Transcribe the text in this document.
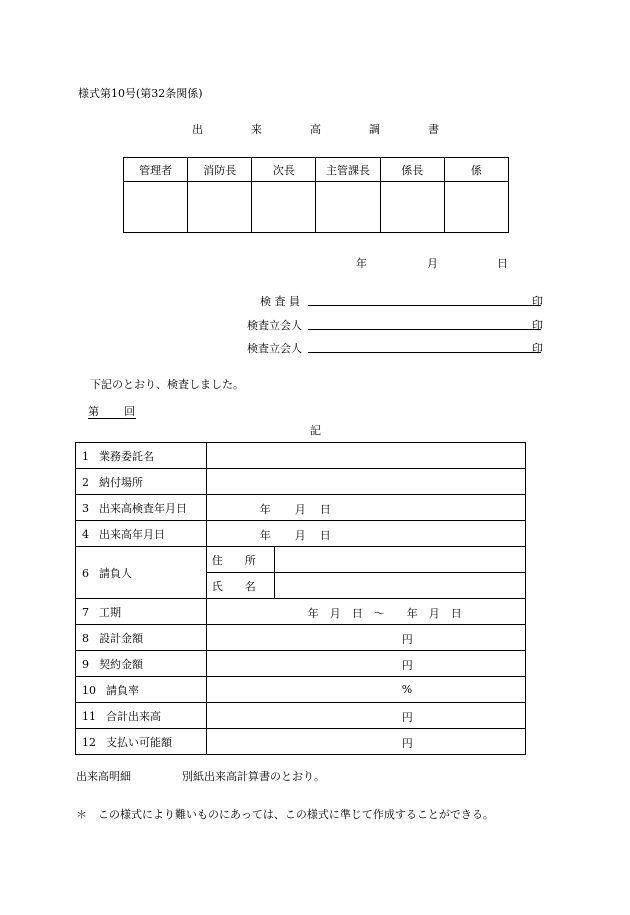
様式第10号(第32条関係)
出	来	高	調	書
管理者	消防長	次長	主管課長	係長	係

年	月	日
検 査 員	印
検査立会人	印
検査立会人	印
下記のとおり、検査しました。
第 回
記
1 業務委託名		
2 納付場所		
3 出来高検査年月日	年 月 日	

4 出来高年月日	年 月 日	

6 請負人	住　　所	
	氏　　名	
7 工期	年　月　日　～　　年　月　日	

8 設計金額	円	

9 契約金額	円	

10 請負率	%	

11 合計出来高	円	

12 支払い可能額	円	
出来高明細	別紙出来高計算書のとおり。
＊　この様式により難いものにあっては、この様式に準じて作成することができる。
